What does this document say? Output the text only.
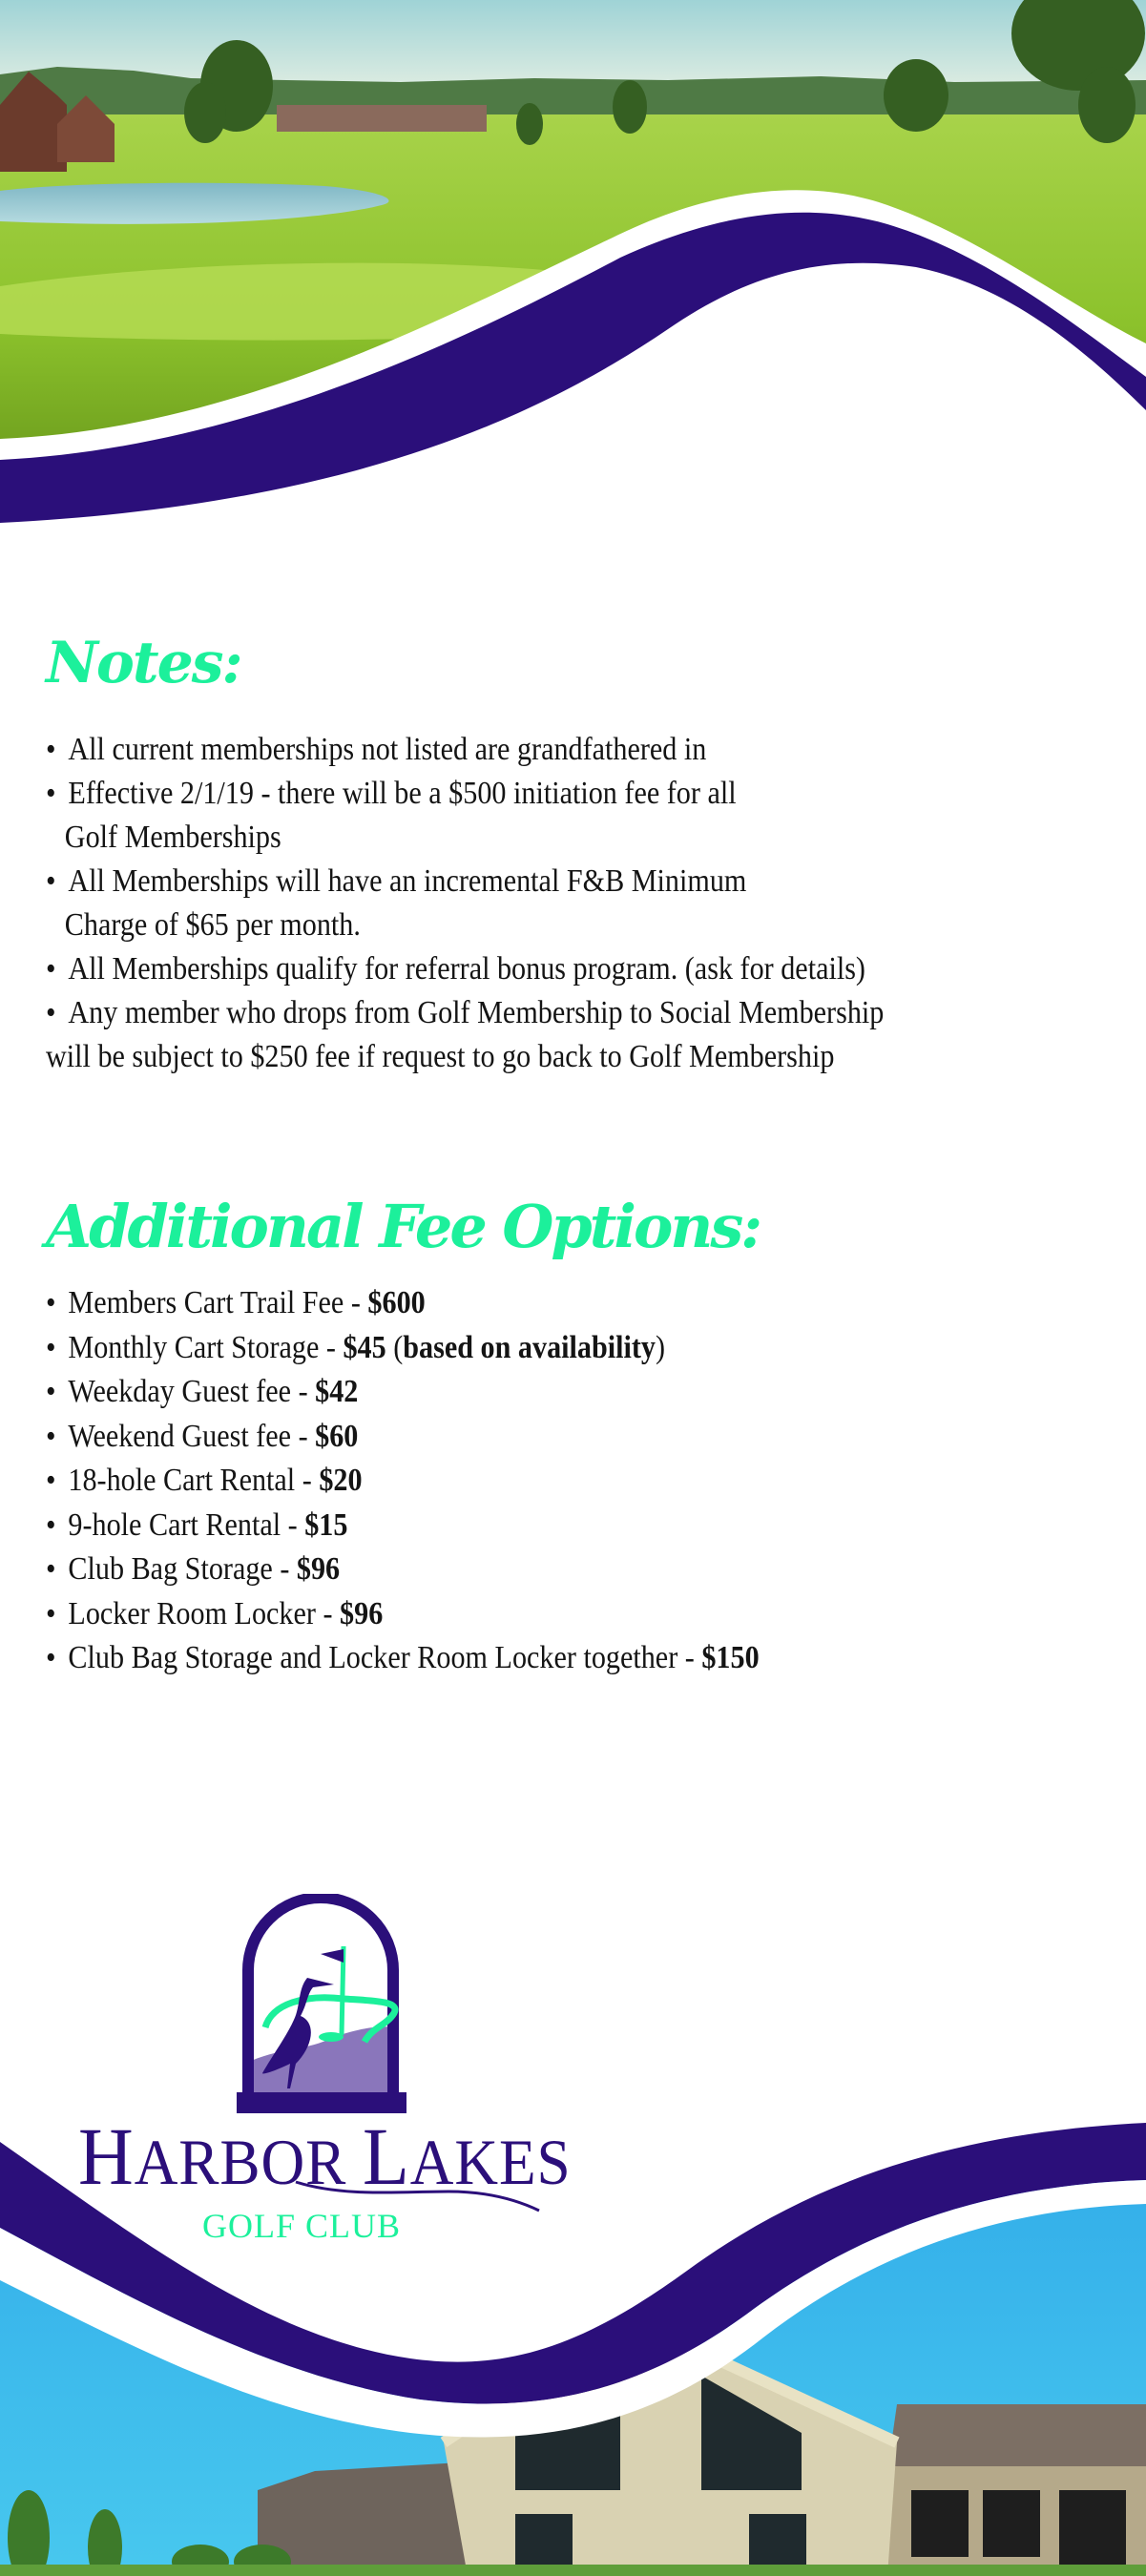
Notes:
• All current memberships not listed are grandfathered in
• Effective 2/1/19 - there will be a $500 initiation fee for all
Golf Memberships
• All Memberships will have an incremental F&B Minimum
Charge of $65 per month.
• All Memberships qualify for referral bonus program. (ask for details)
• Any member who drops from Golf Membership to Social Membership
will be subject to $250 fee if request to go back to Golf Membership
Additional Fee Options:
• Members Cart Trail Fee - $600
• Monthly Cart Storage - $45 (based on availability)
• Weekday Guest fee - $42
• Weekend Guest fee - $60
• 18-hole Cart Rental - $20
• 9-hole Cart Rental - $15
• Club Bag Storage - $96
• Locker Room Locker - $96
• Club Bag Storage and Locker Room Locker together - $150
HARBOR LAKES
GOLF CLUB
